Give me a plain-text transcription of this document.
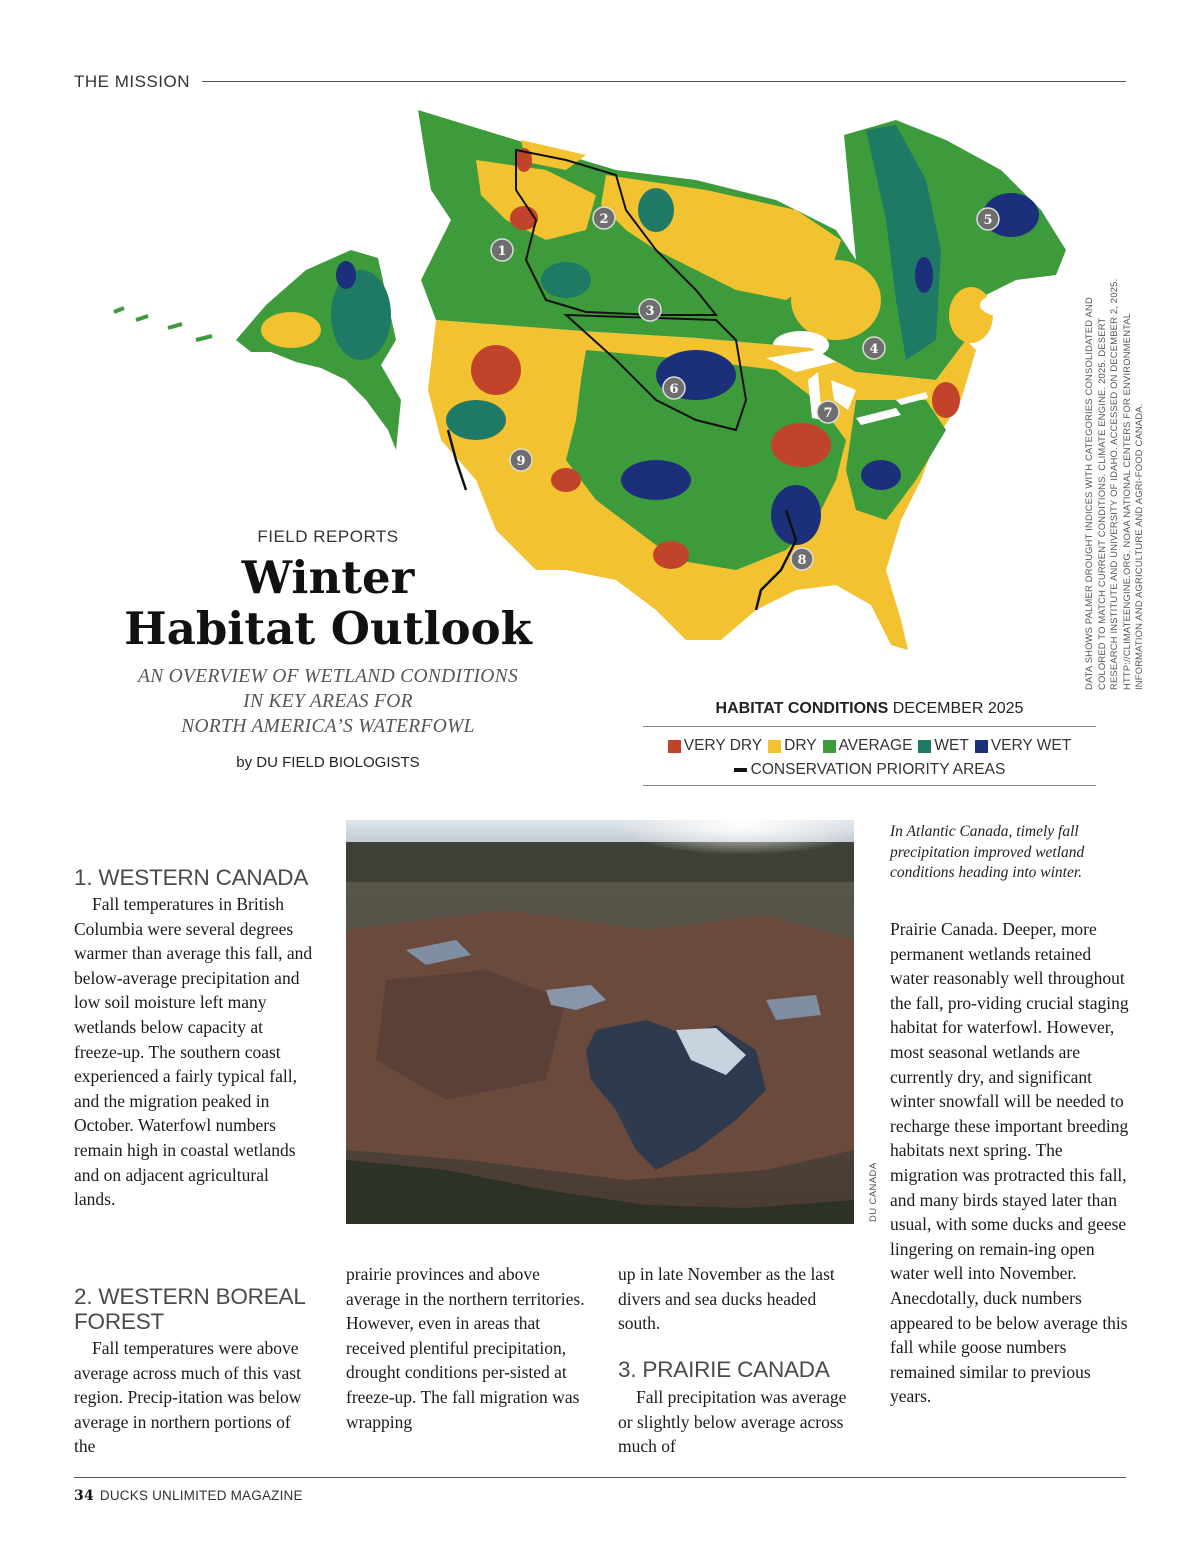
THE MISSION
1
2
3
4
5
6
7
8
9	DATA SHOWS PALMER DROUGHT INDICES WITH CATEGORIES CONSOLIDATED AND COLORED TO MATCH CURRENT CONDITIONS. CLIMATE ENGINE. 2025. DESERT RESEARCH INSTITUTE AND UNIVERSITY OF IDAHO. ACCESSED ON DECEMBER 2, 2025. HTTP://CLIMATEENGINE.ORG. NOAA NATIONAL CENTERS FOR ENVIRONMENTAL INFORMATION AND AGRICULTURE AND AGRI-FOOD CANADA.
FIELD REPORTS
Winter
Habitat Outlook
AN OVERVIEW OF WETLAND CONDITIONS
IN KEY AREAS FOR
NORTH AMERICA’S WATERFOWL
by DU FIELD BIOLOGISTS
HABITAT CONDITIONS DECEMBER 2025
VERY DRY DRY AVERAGE WET VERY WET
CONSERVATION PRIORITY AREAS
DU CANADA
In Atlantic Canada, timely fall precipitation improved wetland conditions heading into winter.
1. WESTERN CANADA

Fall temperatures in British Columbia were several degrees warmer than average this fall, and below-average precipitation and low soil moisture left many wetlands below capacity at freeze-up. The southern coast experienced a fairly typical fall, and the migration peaked in October. Waterfowl numbers remain high in coastal wetlands and on adjacent agricultural lands.

2. WESTERN BOREAL FOREST

Fall temperatures were above average across much of this vast region. Precip-itation was below average in northern portions of the

prairie provinces and above average in the northern territories. However, even in areas that received plentiful precipitation, drought conditions per-sisted at freeze-up. The fall migration was wrapping

up in late November as the last divers and sea ducks headed south.

3. PRAIRIE CANADA

Fall precipitation was average or slightly below average across much of

Prairie Canada. Deeper, more permanent wetlands retained water reasonably well throughout the fall, pro-viding crucial staging habitat for waterfowl. However, most seasonal wetlands are currently dry, and significant winter snowfall will be needed to recharge these important breeding habitats next spring. The migration was protracted this fall, and many birds stayed later than usual, with some ducks and geese lingering on remain-ing open water well into November. Anecdotally, duck numbers appeared to be below average this fall while goose numbers remained similar to previous years.

34 DUCKS UNLIMITED MAGAZINE
